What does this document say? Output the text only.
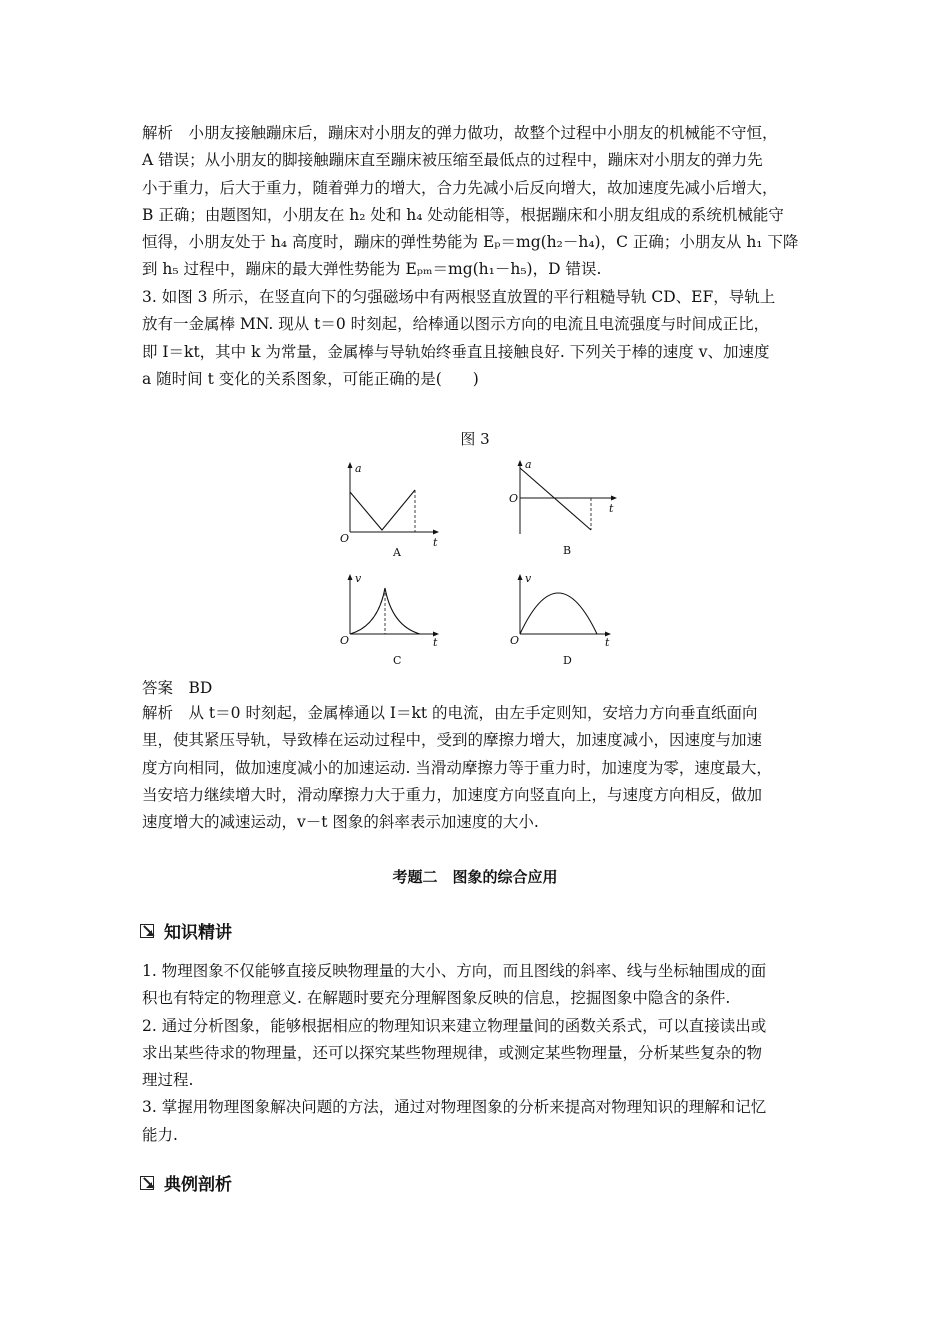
解析　小朋友接触蹦床后，蹦床对小朋友的弹力做功，故整个过程中小朋友的机械能不守恒，
A 错误；从小朋友的脚接触蹦床直至蹦床被压缩至最低点的过程中，蹦床对小朋友的弹力先
小于重力，后大于重力，随着弹力的增大，合力先减小后反向增大，故加速度先减小后增大，
B 正确；由题图知，小朋友在 h₂ 处和 h₄ 处动能相等，根据蹦床和小朋友组成的系统机械能守
恒得，小朋友处于 h₄ 高度时，蹦床的弹性势能为 Eₚ＝mg(h₂－h₄)，C 正确；小朋友从 h₁ 下降
到 h₅ 过程中，蹦床的最大弹性势能为 Eₚₘ＝mg(h₁－h₅)，D 错误.
3. 如图 3 所示，在竖直向下的匀强磁场中有两根竖直放置的平行粗糙导轨 CD、EF，导轨上
放有一金属棒 MN. 现从 t＝0 时刻起，给棒通以图示方向的电流且电流强度与时间成正比，
即 I＝kt，其中 k 为常量，金属棒与导轨始终垂直且接触良好. 下列关于棒的速度 v、加速度
a 随时间 t 变化的关系图象，可能正确的是(　　)
图 3
a
t
O
A
a
t
O
B
v
t
O
C
v
t
O
D
答案　BD
解析　从 t＝0 时刻起，金属棒通以 I＝kt 的电流，由左手定则知，安培力方向垂直纸面向
里，使其紧压导轨，导致棒在运动过程中，受到的摩擦力增大，加速度减小，因速度与加速
度方向相同，做加速度减小的加速运动. 当滑动摩擦力等于重力时，加速度为零，速度最大，
当安培力继续增大时，滑动摩擦力大于重力，加速度方向竖直向上，与速度方向相反，做加
速度增大的减速运动，v－t 图象的斜率表示加速度的大小.
考题二　图象的综合应用
知识精讲
1. 物理图象不仅能够直接反映物理量的大小、方向，而且图线的斜率、线与坐标轴围成的面
积也有特定的物理意义. 在解题时要充分理解图象反映的信息，挖掘图象中隐含的条件.
2. 通过分析图象，能够根据相应的物理知识来建立物理量间的函数关系式，可以直接读出或
求出某些待求的物理量，还可以探究某些物理规律，或测定某些物理量，分析某些复杂的物
理过程.
3. 掌握用物理图象解决问题的方法，通过对物理图象的分析来提高对物理知识的理解和记忆
能力.
典例剖析
